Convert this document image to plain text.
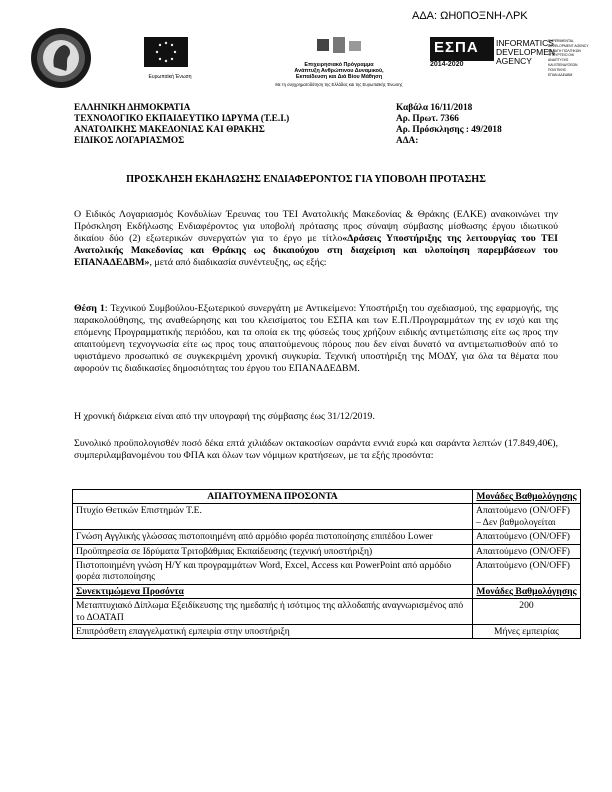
ΑΔΑ: ΩΗ0ΠΟΞΝΗ-ΛΡΚ
Ευρωπαϊκή Ένωση
Επιχειρησιακό Πρόγραμμα
Ανάπτυξη Ανθρώπινου Δυναμικού,
Εκπαίδευση και Διά Βίου Μάθηση
Με τη συγχρηματοδότηση της Ελλάδας και της Ευρωπαϊκής Ένωσης
ΕΣΠΑ
2014-2020
INFORMATICS
DEVELOPMEN
AGENCY
EXPERIMENTAL
DEVELOPMENT AGENCY
ΑΛΛΑΓΗ ΠΟΛΙΤΙΚΩΝ
ΥΠΟΥΡΓΕΙΟ ΟΙΚ
ΑΝΑΠΤΥΞΗΣ
ΚΑΙ ΕΠΕΝΔΥΣΕΩΝ
ΠΟΛΙΤΙΚΗΣ
ΕΠΑΝ ΑΔΕΔΒΜ
ΕΛΛΗΝΙΚΗ ΔΗΜΟΚΡΑΤΙΑ
ΤΕΧΝΟΛΟΓΙΚΟ ΕΚΠΑΙΔΕΥΤΙΚΟ ΙΔΡΥΜΑ (Τ.Ε.Ι.)
ΑΝΑΤΟΛΙΚΗΣ ΜΑΚΕΔΟΝΙΑΣ ΚΑΙ ΘΡΑΚΗΣ
ΕΙΔΙΚΟΣ ΛΟΓΑΡΙΑΣΜΟΣ
Καβάλα 16/11/2018
Αρ. Πρωτ. 7366
Αρ. Πρόσκλησης : 49/2018
ΑΔΑ:
ΠΡΟΣΚΛΗΣΗ ΕΚΔΗΛΩΣΗΣ ΕΝΔΙΑΦΕΡΟΝΤΟΣ ΓΙΑ ΥΠΟΒΟΛΗ ΠΡΟΤΑΣΗΣ
Ο Ειδικός Λογαριασμός Κονδυλίων Έρευνας του ΤΕΙ Ανατολικής Μακεδονίας & Θράκης (ΕΛΚΕ) ανακοινώνει την Πρόσκληση Εκδήλωσης Ενδιαφέροντος για υποβολή πρότασης προς σύναψη σύμβασης μίσθωσης έργου ιδιωτικού δικαίου δύο (2) εξωτερικών συνεργατών για το έργο με τίτλο«Δράσεις Υποστήριξης της λειτουργίας του ΤΕΙ Ανατολικής Μακεδονίας και Θράκης ως δικαιούχου στη διαχείριση και υλοποίηση παρεμβάσεων του ΕΠΑΝΑΔΕΔΒΜ», μετά από διαδικασία συνέντευξης, ως εξής:
Θέση 1: Τεχνικού Συμβούλου-Εξωτερικού συνεργάτη με Αντικείμενο: Υποστήριξη του σχεδιασμού, της εφαρμογής, της παρακολούθησης, της αναθεώρησης και του κλεισίματος του ΕΣΠΑ και των Ε.Π./Προγραμμάτων της εν ισχύ και της επόμενης Προγραμματικής περιόδου, και τα οποία εκ της φύσεώς τους χρήζουν ειδικής αντιμετώπισης είτε ως προς την απαιτούμενη τεχνογνωσία είτε ως προς τους απαιτούμενους πόρους που δεν είναι δυνατό να αντιμετωπισθούν από το υφιστάμενο προσωπικό σε συγκεκριμένη χρονική συγκυρία. Τεχνική υποστήριξη της ΜΟΔΥ, για όλα τα θέματα που αφορούν τις διαδικασίες δημοσιότητας του έργου του ΕΠΑΝΑΔΕΔΒΜ.
Η χρονική διάρκεια είναι από την υπογραφή της σύμβασης έως 31/12/2019.
Συνολικό προϋπολογισθέν ποσό δέκα επτά χιλιάδων οκτακοσίων σαράντα εννιά ευρώ και σαράντα λεπτών (17.849,40€), συμπεριλαμβανομένου του ΦΠΑ και όλων των νόμιμων κρατήσεων, με τα εξής προσόντα:
ΑΠΑΙΤΟΥΜΕΝΑ ΠΡΟΣΟΝΤΑ	Μονάδες Βαθμολόγησης
Πτυχίο Θετικών Επιστημών Τ.Ε.	Απαιτούμενο (ON/OFF) – Δεν βαθμολογείται
Γνώση Αγγλικής γλώσσας πιστοποιημένη από αρμόδιο φορέα πιστοποίησης επιπέδου Lower	Απαιτούμενο (ON/OFF)
Προϋπηρεσία σε Ιδρύματα Τριτοβάθμιας Εκπαίδευσης (τεχνική υποστήριξη)	Απαιτούμενο (ON/OFF)
Πιστοποιημένη γνώση Η/Υ και προγραμμάτων Word, Excel, Access και PowerPoint από αρμόδιο φορέα πιστοποίησης	Απαιτούμενο (ON/OFF)
Συνεκτιμώμενα Προσόντα	Μονάδες Βαθμολόγησης
Μεταπτυχιακό Δίπλωμα Εξειδίκευσης της ημεδαπής ή ισότιμος της αλλοδαπής αναγνωρισμένος από το ΔΟΑΤΑΠ	200
Επιπρόσθετη επαγγελματική εμπειρία στην υποστήριξη	Μήνες εμπειρίας
